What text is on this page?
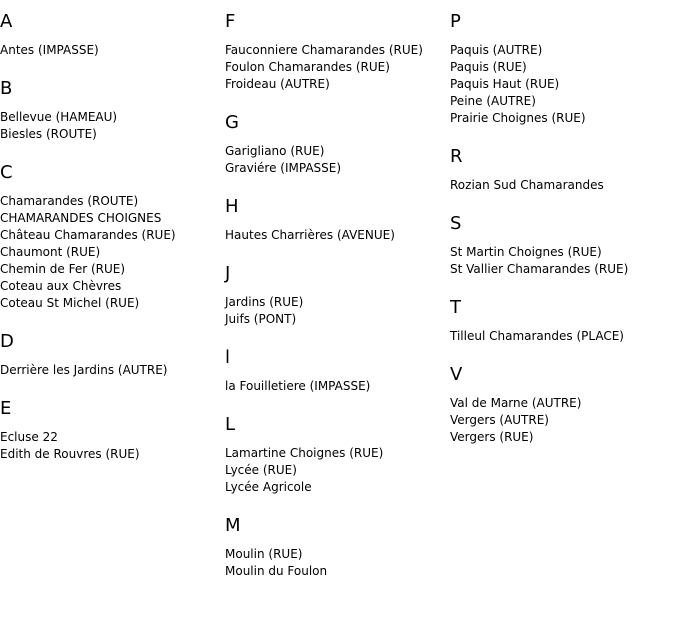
A
Antes (IMPASSE)
B
Bellevue (HAMEAU)
Biesles (ROUTE)
C
Chamarandes (ROUTE)
CHAMARANDES CHOIGNES
Château Chamarandes (RUE)
Chaumont (RUE)
Chemin de Fer (RUE)
Coteau aux Chèvres
Coteau St Michel (RUE)
D
Derrière les Jardins (AUTRE)
E
Ecluse 22
Edith de Rouvres (RUE)
F
Fauconniere Chamarandes (RUE)
Foulon Chamarandes (RUE)
Froideau (AUTRE)
G
Garigliano (RUE)
Graviére (IMPASSE)
H
Hautes Charrières (AVENUE)
J
Jardins (RUE)
Juifs (PONT)
l
la Fouilletiere (IMPASSE)
L
Lamartine Choignes (RUE)
Lycée (RUE)
Lycée Agricole
M
Moulin (RUE)
Moulin du Foulon
P
Paquis (AUTRE)
Paquis (RUE)
Paquis Haut (RUE)
Peine (AUTRE)
Prairie Choignes (RUE)
R
Rozian Sud Chamarandes
S
St Martin Choignes (RUE)
St Vallier Chamarandes (RUE)
T
Tilleul Chamarandes (PLACE)
V
Val de Marne (AUTRE)
Vergers (AUTRE)
Vergers (RUE)
